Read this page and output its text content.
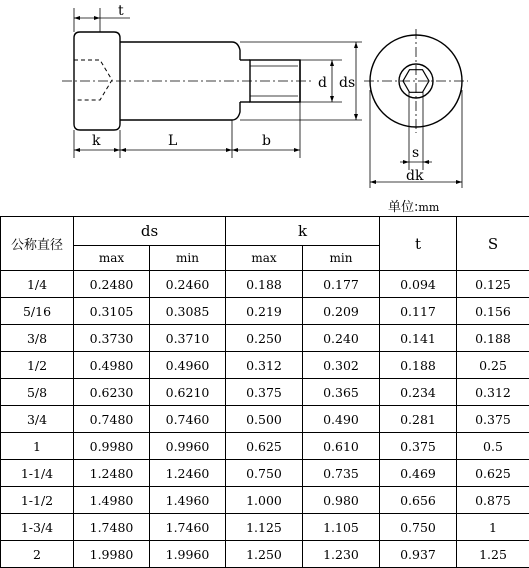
t
k	L	b
d ds
s
dk
单位:mm
公称直径	ds		k		t	S
	max	min	max	min		
1/4	0.2480	0.2460	0.188	0.177	0.094	0.125
5/16	0.3105	0.3085	0.219	0.209	0.117	0.156
3/8	0.3730	0.3710	0.250	0.240	0.141	0.188
1/2	0.4980	0.4960	0.312	0.302	0.188	0.25
5/8	0.6230	0.6210	0.375	0.365	0.234	0.312
3/4	0.7480	0.7460	0.500	0.490	0.281	0.375
1	0.9980	0.9960	0.625	0.610	0.375	0.5
1-1/4	1.2480	1.2460	0.750	0.735	0.469	0.625
1-1/2	1.4980	1.4960	1.000	0.980	0.656	0.875
1-3/4	1.7480	1.7460	1.125	1.105	0.750	1
2	1.9980	1.9960	1.250	1.230	0.937	1.25
